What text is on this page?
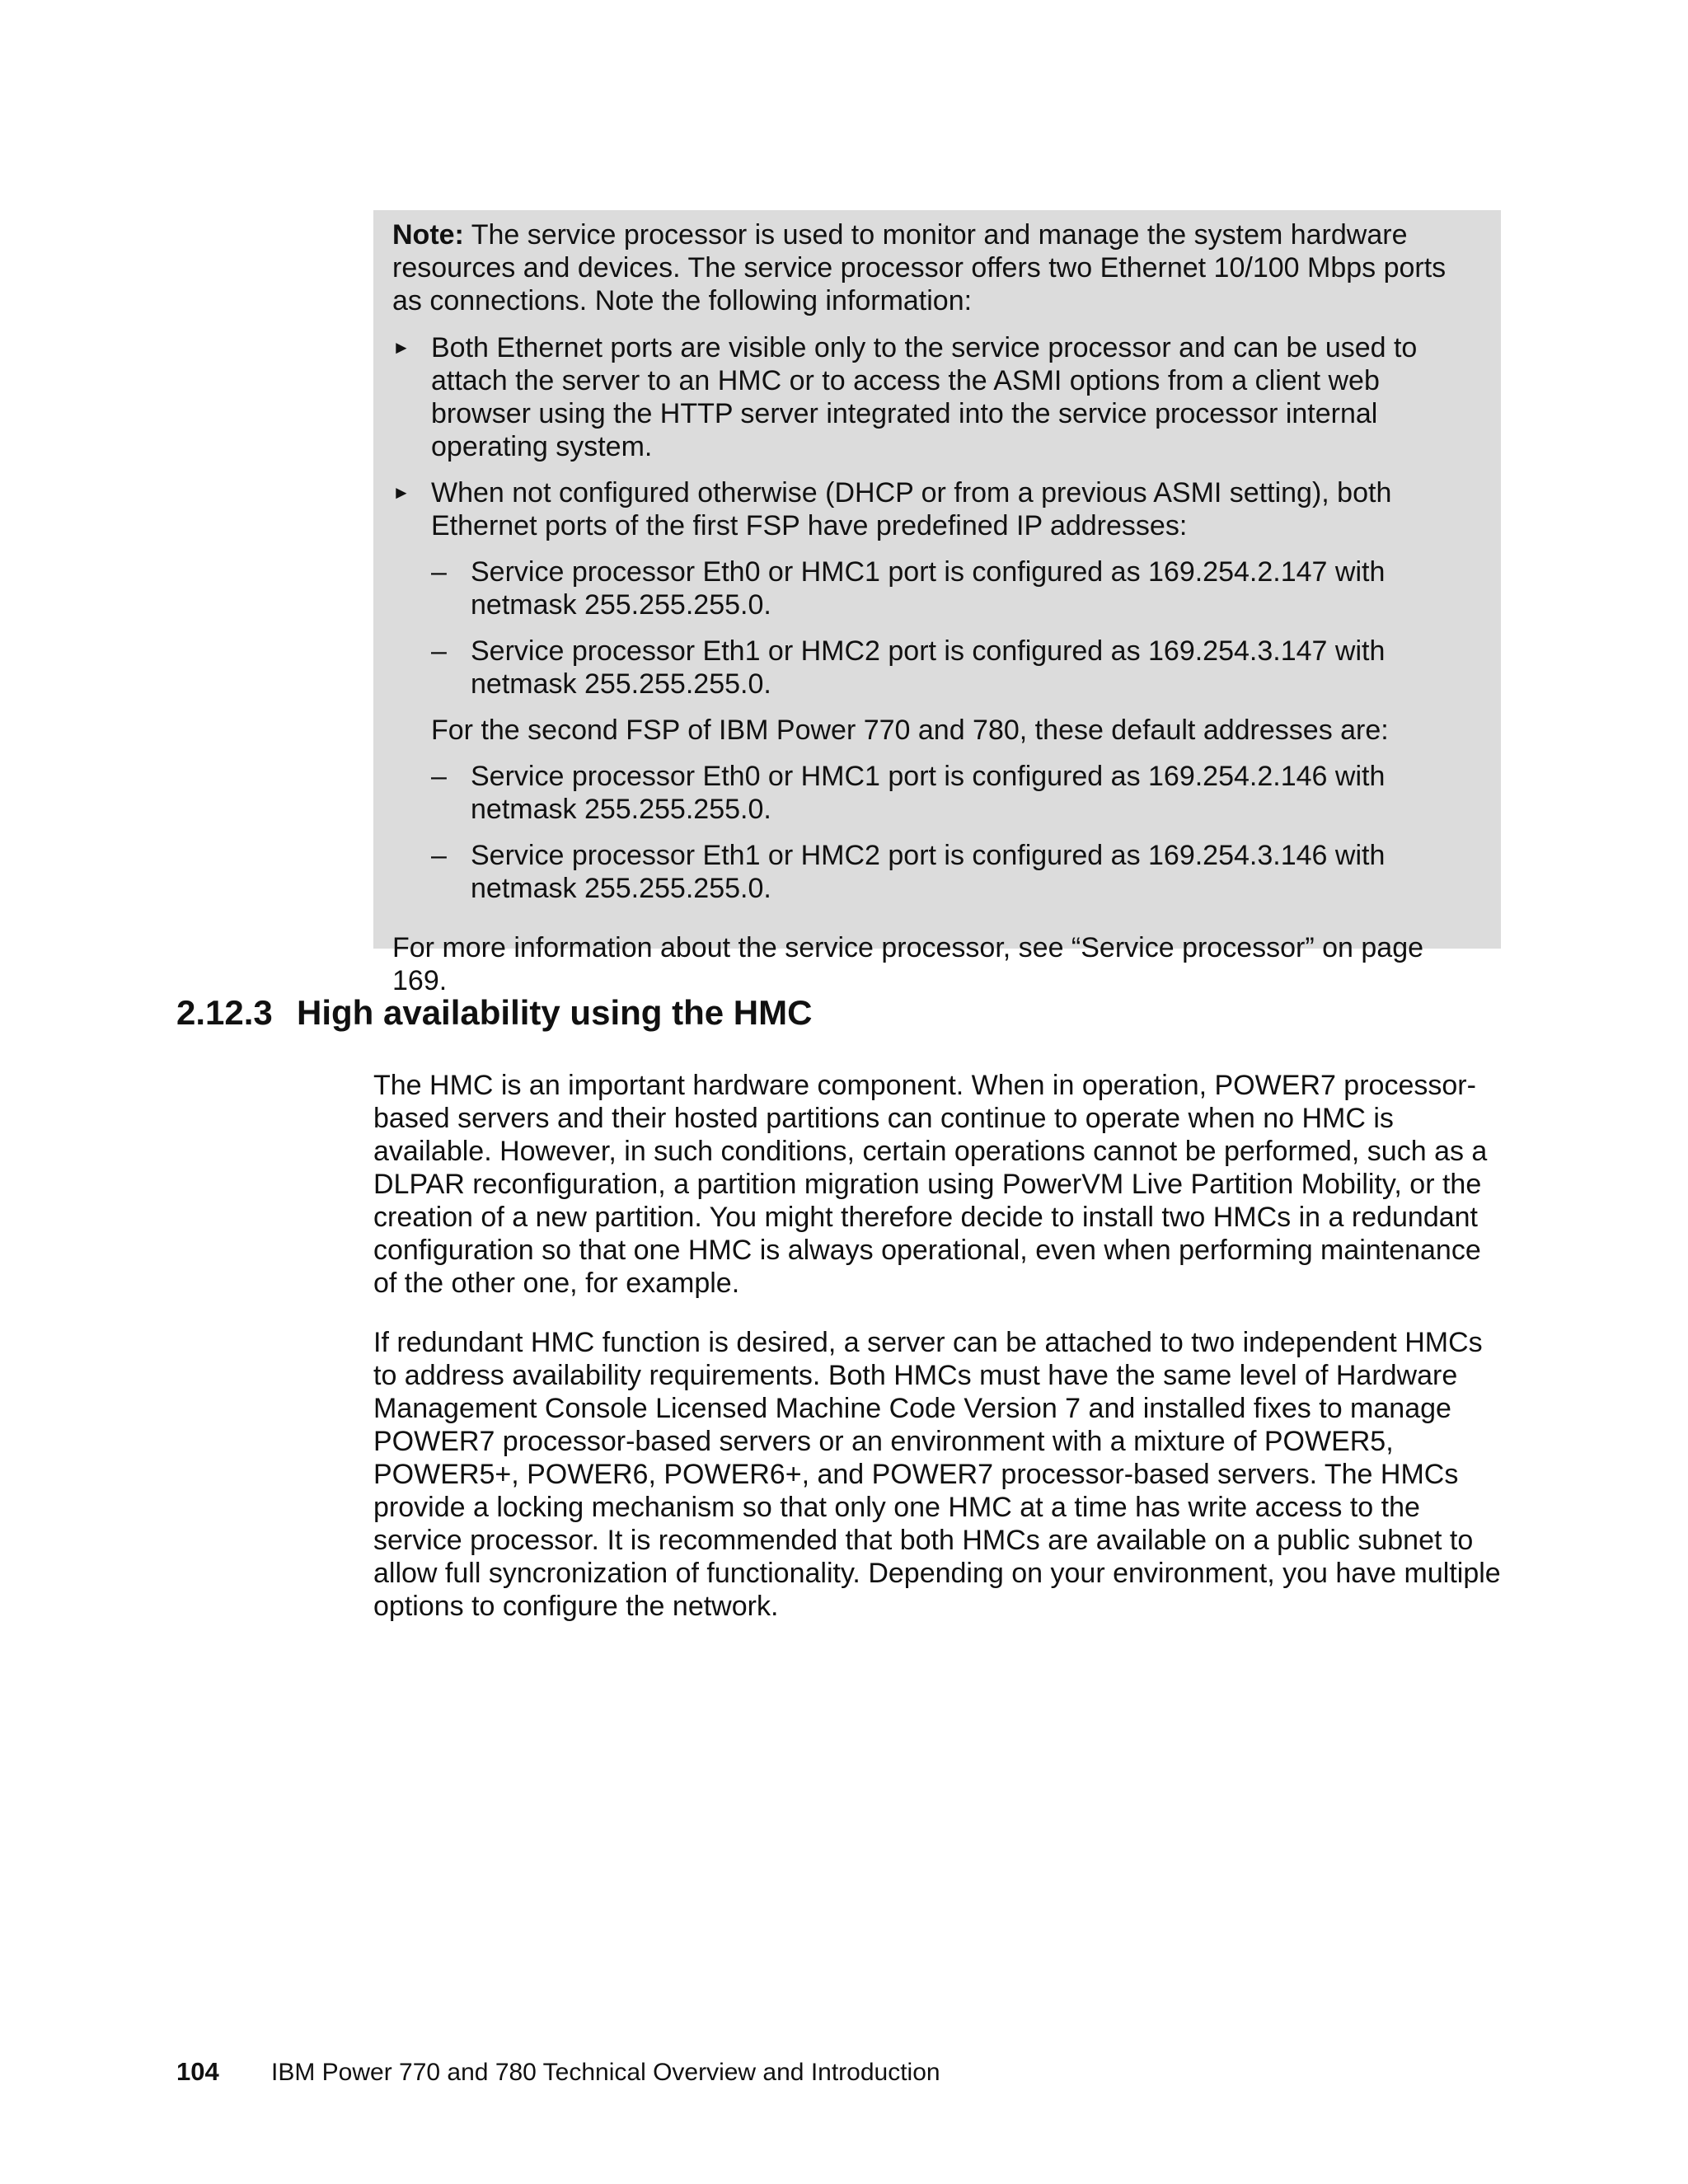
Note: The service processor is used to monitor and manage the system hardware resources and devices. The service processor offers two Ethernet 10/100 Mbps ports as connections. Note the following information:

► Both Ethernet ports are visible only to the service processor and can be used to attach the server to an HMC or to access the ASMI options from a client web browser using the HTTP server integrated into the service processor internal operating system.
► When not configured otherwise (DHCP or from a previous ASMI setting), both Ethernet ports of the first FSP have predefined IP addresses:
– Service processor Eth0 or HMC1 port is configured as 169.254.2.147 with netmask 255.255.255.0.
– Service processor Eth1 or HMC2 port is configured as 169.254.3.147 with netmask 255.255.255.0.

For the second FSP of IBM Power 770 and 780, these default addresses are:

– Service processor Eth0 or HMC1 port is configured as 169.254.2.146 with netmask 255.255.255.0.
– Service processor Eth1 or HMC2 port is configured as 169.254.3.146 with netmask 255.255.255.0.

For more information about the service processor, see “Service processor” on page 169.

2.12.3 High availability using the HMC

The HMC is an important hardware component. When in operation, POWER7 processor-based servers and their hosted partitions can continue to operate when no HMC is available. However, in such conditions, certain operations cannot be performed, such as a DLPAR reconfiguration, a partition migration using PowerVM Live Partition Mobility, or the creation of a new partition. You might therefore decide to install two HMCs in a redundant configuration so that one HMC is always operational, even when performing maintenance of the other one, for example.

If redundant HMC function is desired, a server can be attached to two independent HMCs to address availability requirements. Both HMCs must have the same level of Hardware Management Console Licensed Machine Code Version 7 and installed fixes to manage POWER7 processor-based servers or an environment with a mixture of POWER5, POWER5+, POWER6, POWER6+, and POWER7 processor-based servers. The HMCs provide a locking mechanism so that only one HMC at a time has write access to the service processor. It is recommended that both HMCs are available on a public subnet to allow full syncronization of functionality. Depending on your environment, you have multiple options to configure the network.

104 IBM Power 770 and 780 Technical Overview and Introduction
